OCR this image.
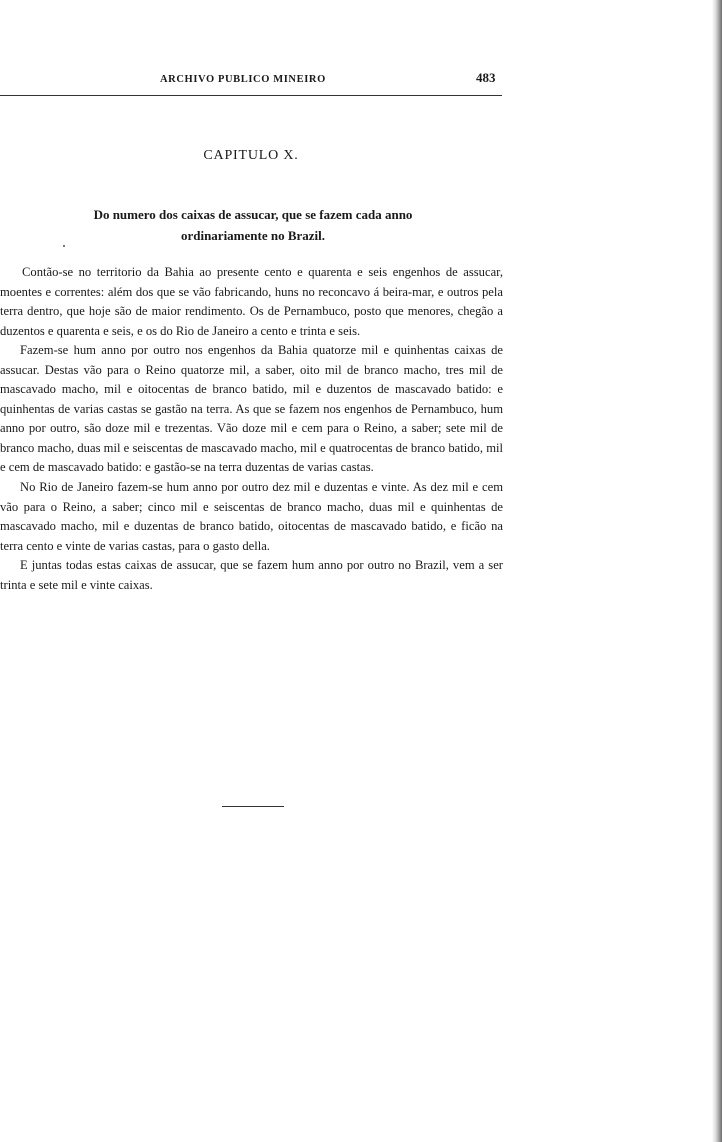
ARCHIVO PUBLICO MINEIRO	483
CAPITULO X.
Do numero dos caixas de assucar, que se fazem cada anno
ordinariamente no Brazil.

Contão-se no territorio da Bahia ao presente cento e quarenta e seis engenhos de assucar, moentes e correntes: além dos que se vão fabricando, huns no reconcavo á beira-mar, e outros pela terra dentro, que hoje são de maior rendimento. Os de Pernambuco, posto que menores, chegão a duzentos e quarenta e seis, e os do Rio de Janeiro a cento e trinta e seis.

Fazem-se hum anno por outro nos engenhos da Bahia quatorze mil e quinhentas caixas de assucar. Destas vão para o Reino quatorze mil, a saber, oito mil de branco macho, tres mil de mascavado macho, mil e oitocentas de branco batido, mil e duzentos de mascavado batido: e quinhentas de varias castas se gastão na terra. As que se fazem nos engenhos de Pernambuco, hum anno por outro, são doze mil e trezentas. Vão doze mil e cem para o Reino, a saber; sete mil de branco macho, duas mil e seiscentas de mascavado macho, mil e quatrocentas de branco batido, mil e cem de mascavado batido: e gastão-se na terra duzentas de varias castas.

No Rio de Janeiro fazem-se hum anno por outro dez mil e duzentas e vinte. As dez mil e cem vão para o Reino, a saber; cinco mil e seiscentas de branco macho, duas mil e quinhentas de mascavado macho, mil e duzentas de branco batido, oitocentas de mascavado batido, e ficão na terra cento e vinte de varias castas, para o gasto della.

E juntas todas estas caixas de assucar, que se fazem hum anno por outro no Brazil, vem a ser trinta e sete mil e vinte caixas.
